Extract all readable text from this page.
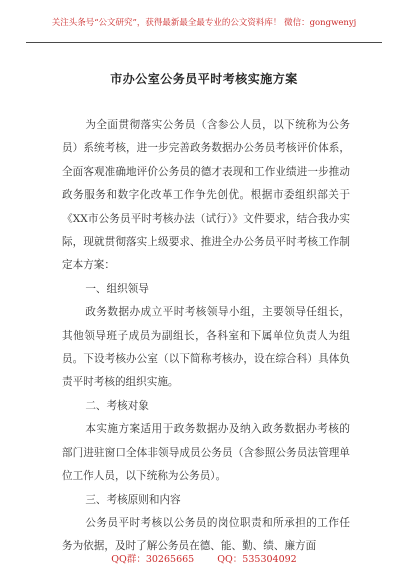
关注头条号“公文研究”，获得最新最全最专业的公文资料库！ 微信：gongwenyj
市办公室公务员平时考核实施方案

为全面贯彻落实公务员（含参公人员，以下统称为公务员）系统考核，进一步完善政务数据办公务员考核评价体系，全面客观准确地评价公务员的德才表现和工作业绩进一步推动政务服务和数字化改革工作争先创优。根据市委组织部关于《XX市公务员平时考核办法（试行）》文件要求，结合我办实际，现就贯彻落实上级要求、推进全办公务员平时考核工作制定本方案：

一、组织领导

政务数据办成立平时考核领导小组，主要领导任组长，其他领导班子成员为副组长，各科室和下属单位负责人为组员。下设考核办公室（以下简称考核办，设在综合科）具体负责平时考核的组织实施。

二、考核对象

本实施方案适用于政务数据办及纳入政务数据办考核的部门进驻窗口全体非领导成员公务员（含参照公务员法管理单位工作人员，以下统称为公务员）。

三、考核原则和内容

公务员平时考核以公务员的岗位职责和所承担的工作任务为依据，及时了解公务员在德、能、勤、绩、廉方面

QQ群：30265665 QQ：535304092
